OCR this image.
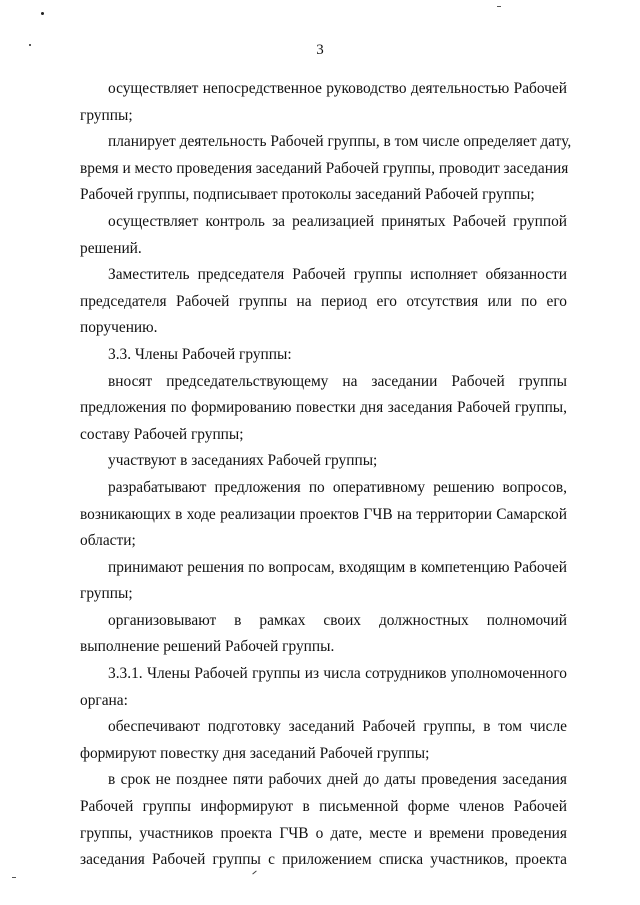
3
осуществляет непосредственное руководство деятельностью Рабочей
группы;
планирует деятельность Рабочей группы, в том числе определяет дату,
время и место проведения заседаний Рабочей группы, проводит заседания
Рабочей группы, подписывает протоколы заседаний Рабочей группы;
осуществляет контроль за реализацией принятых Рабочей группой
решений.
Заместитель председателя Рабочей группы исполняет обязанности
председателя Рабочей группы на период его отсутствия или по его
поручению.
3.3. Члены Рабочей группы:
вносят председательствующему на заседании Рабочей группы
предложения по формированию повестки дня заседания Рабочей группы,
составу Рабочей группы;
участвуют в заседаниях Рабочей группы;
разрабатывают предложения по оперативному решению вопросов,
возникающих в ходе реализации проектов ГЧВ на территории Самарской
области;
принимают решения по вопросам, входящим в компетенцию Рабочей
группы;
организовывают в рамках своих должностных полномочий
выполнение решений Рабочей группы.
3.3.1. Члены Рабочей группы из числа сотрудников уполномоченного
органа:
обеспечивают подготовку заседаний Рабочей группы, в том числе
формируют повестку дня заседаний Рабочей группы;
в срок не позднее пяти рабочих дней до даты проведения заседания
Рабочей группы информируют в письменной форме членов Рабочей
группы, участников проекта ГЧВ о дате, месте и времени проведения
заседания Рабочей группы с приложением списка участников, проекта
